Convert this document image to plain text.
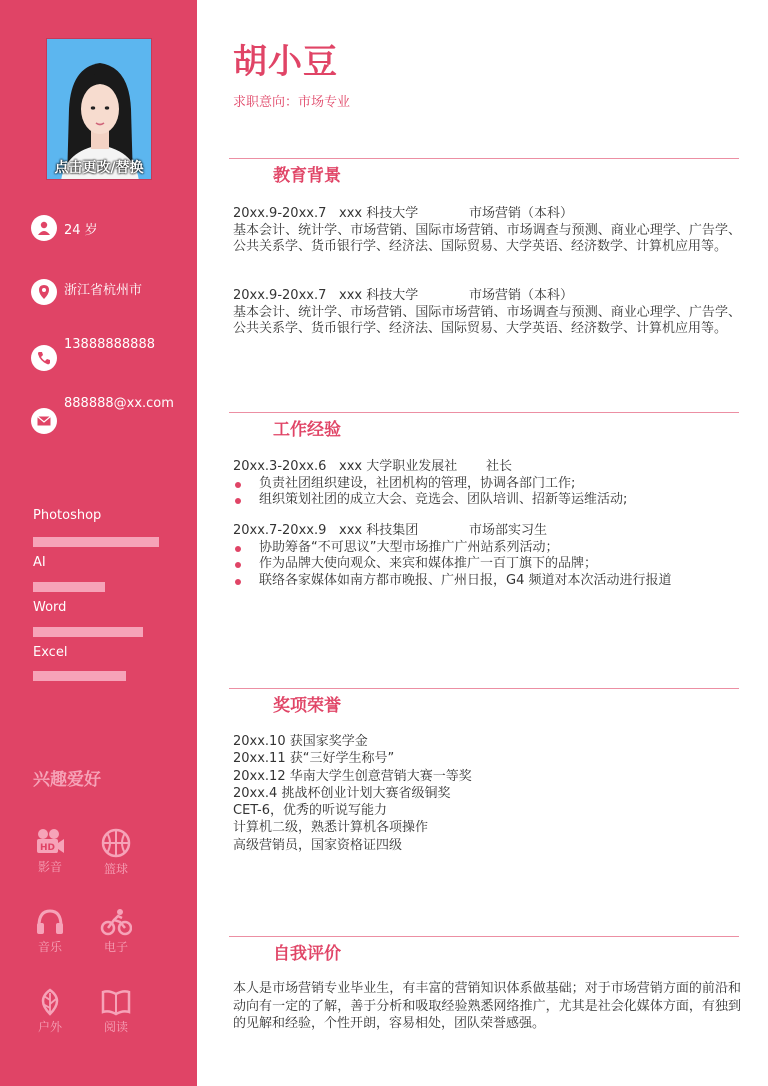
点击更改/替换
24 岁
浙江省杭州市
13888888888
888888@xx.com
Photoshop
AI
Word
Excel
兴趣爱好
HD
影音	篮球
音乐	电子
户外	阅读
胡小豆
求职意向：市场专业
教育背景
20xx.9-20xx.7 xxx 科技大学	市场营销（本科）
基本会计、统计学、市场营销、国际市场营销、市场调查与预测、商业心理学、广告学、公共关系学、货币银行学、经济法、国际贸易、大学英语、经济数学、计算机应用等。
20xx.9-20xx.7 xxx 科技大学	市场营销（本科）
基本会计、统计学、市场营销、国际市场营销、市场调查与预测、商业心理学、广告学、公共关系学、货币银行学、经济法、国际贸易、大学英语、经济数学、计算机应用等。
工作经验
20xx.3-20xx.6 xxx 大学职业发展社 社长
负责社团组织建设，社团机构的管理，协调各部门工作;
组织策划社团的成立大会、竞选会、团队培训、招新等运维活动;
20xx.7-20xx.9 xxx 科技集团	市场部实习生
协助筹备“不可思议”大型市场推广广州站系列活动；
作为品牌大使向观众、来宾和媒体推广一百丁旗下的品牌；
联络各家媒体如南方都市晚报、广州日报，G4 频道对本次活动进行报道
奖项荣誉
20xx.10 获国家奖学金
20xx.11 获“三好学生称号”
20xx.12 华南大学生创意营销大赛一等奖
20xx.4 挑战杯创业计划大赛省级铜奖
CET-6，优秀的听说写能力
计算机二级，熟悉计算机各项操作
高级营销员，国家资格证四级
自我评价
本人是市场营销专业毕业生，有丰富的营销知识体系做基础；对于市场营销方面的前沿和动向有一定的了解，善于分析和吸取经验熟悉网络推广，尤其是社会化媒体方面，有独到的见解和经验，个性开朗，容易相处，团队荣誉感强。
